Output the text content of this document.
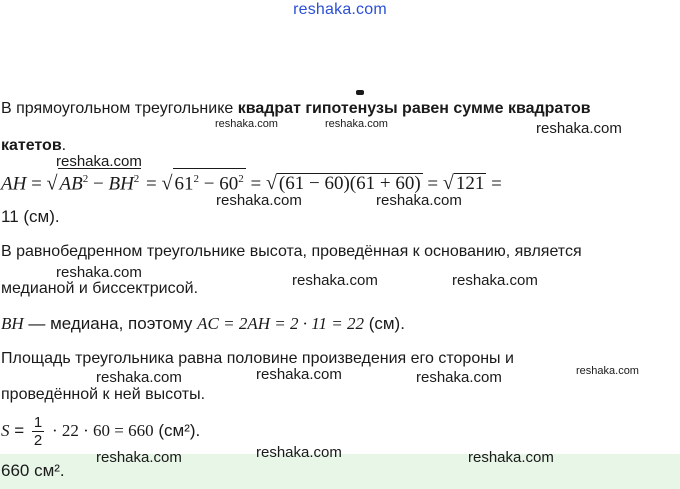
reshaka.com
В прямоугольном треугольнике квадрат гипотенузы равен сумме квадратов
катетов.
AH = √ $AB^2 - BH^2$ = √ $61^2 - 60^2$ = √ (61 − 60)(61 + 60) = √ 121 =
11 (см).
В равнобедренном треугольнике высота, проведённая к основанию, является
медианой и биссектрисой.
BH — медиана, поэтому AC = 2AH = 2 · 11 = 22 (см).
Площадь треугольника равна половине произведения его стороны и
проведённой к ней высоты.
$S = \frac{1}{2} \cdot 22 \cdot 60 = 660$ (см²).
660 см².
reshaka.com	reshaka.com	reshaka.com
reshaka.com
reshaka.com	reshaka.com
reshaka.com	reshaka.com	reshaka.com
reshaka.com	reshaka.com	reshaka.com	reshaka.com
reshaka.com	reshaka.com	reshaka.com
